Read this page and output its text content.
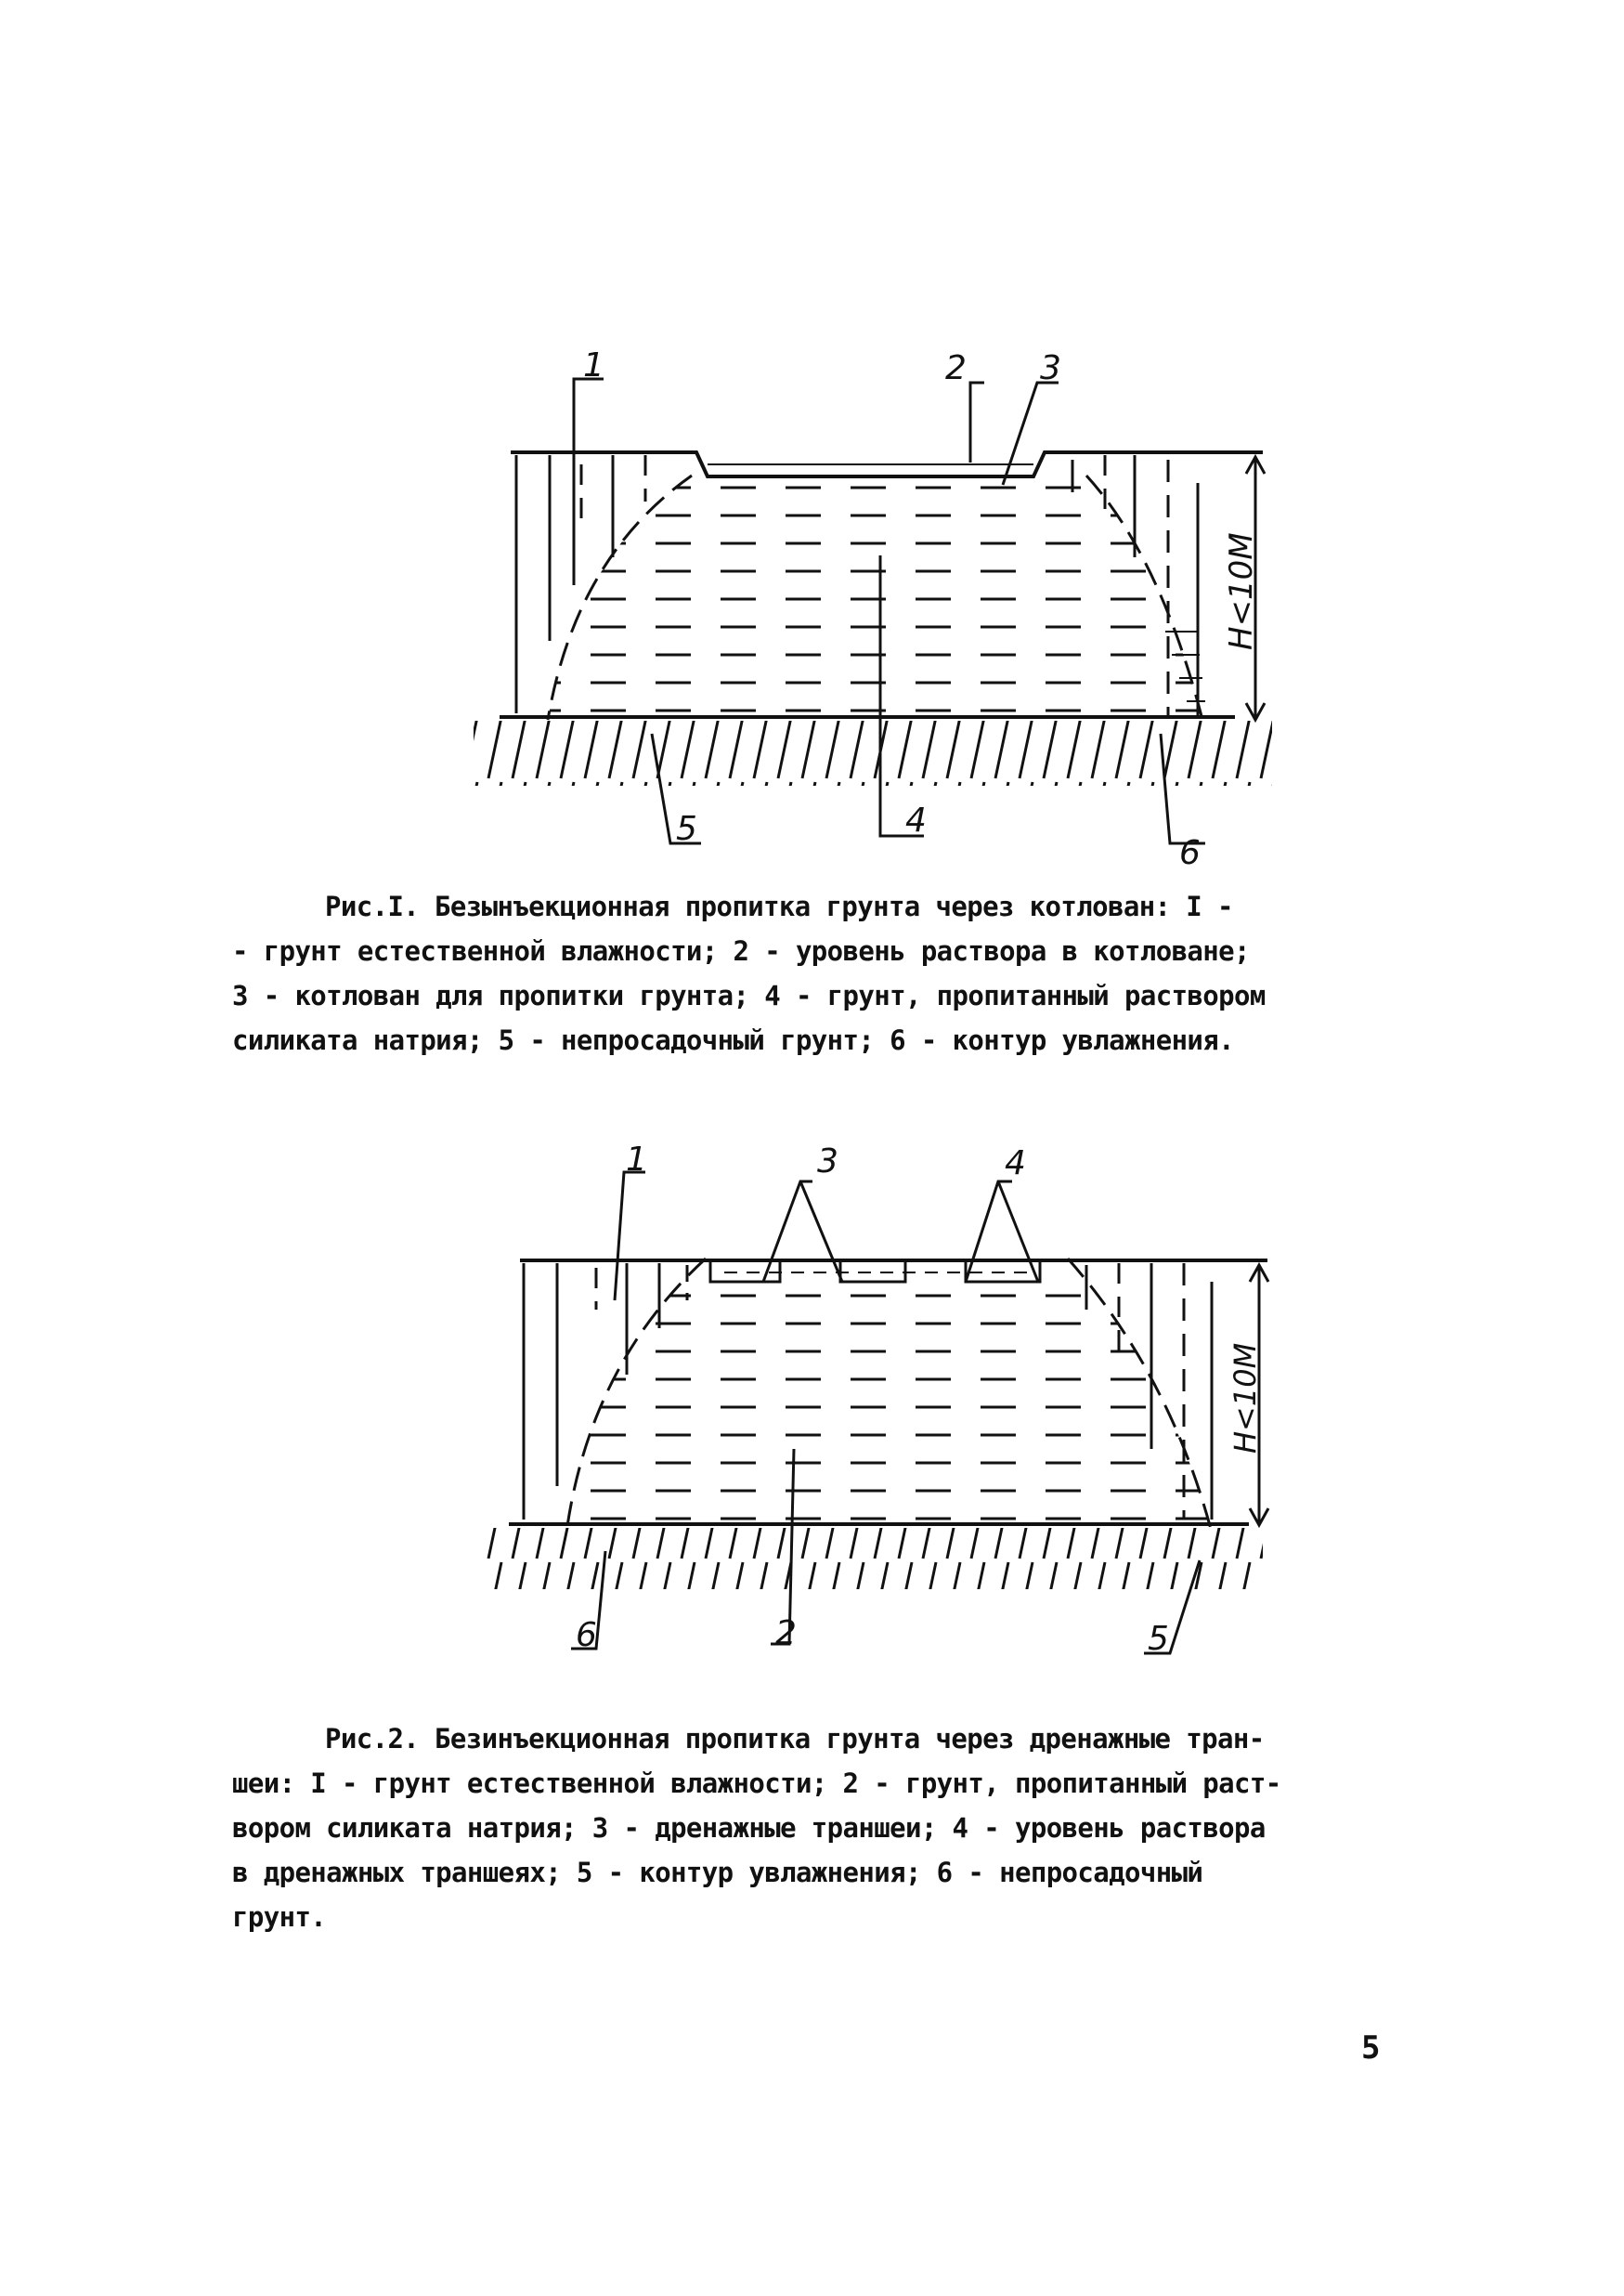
H<10M
1	2 3
4
5
6
H<10M
1	3	4
2
6	5
Рис.I. Безынъекционная пропитка грунта через котлован: I -
- грунт естественной влажности; 2 - уровень раствора в котловане;
3 - котлован для пропитки грунта; 4 - грунт, пропитанный раствором
силиката натрия; 5 - непросадочный грунт; 6 - контур увлажнения.
Рис.2. Безинъекционная пропитка грунта через дренажные тран-
шеи: I - грунт естественной влажности; 2 - грунт, пропитанный раст-
вором силиката натрия; 3 - дренажные траншеи; 4 - уровень раствора
в дренажных траншеях; 5 - контур увлажнения; 6 - непросадочный
грунт.
5
